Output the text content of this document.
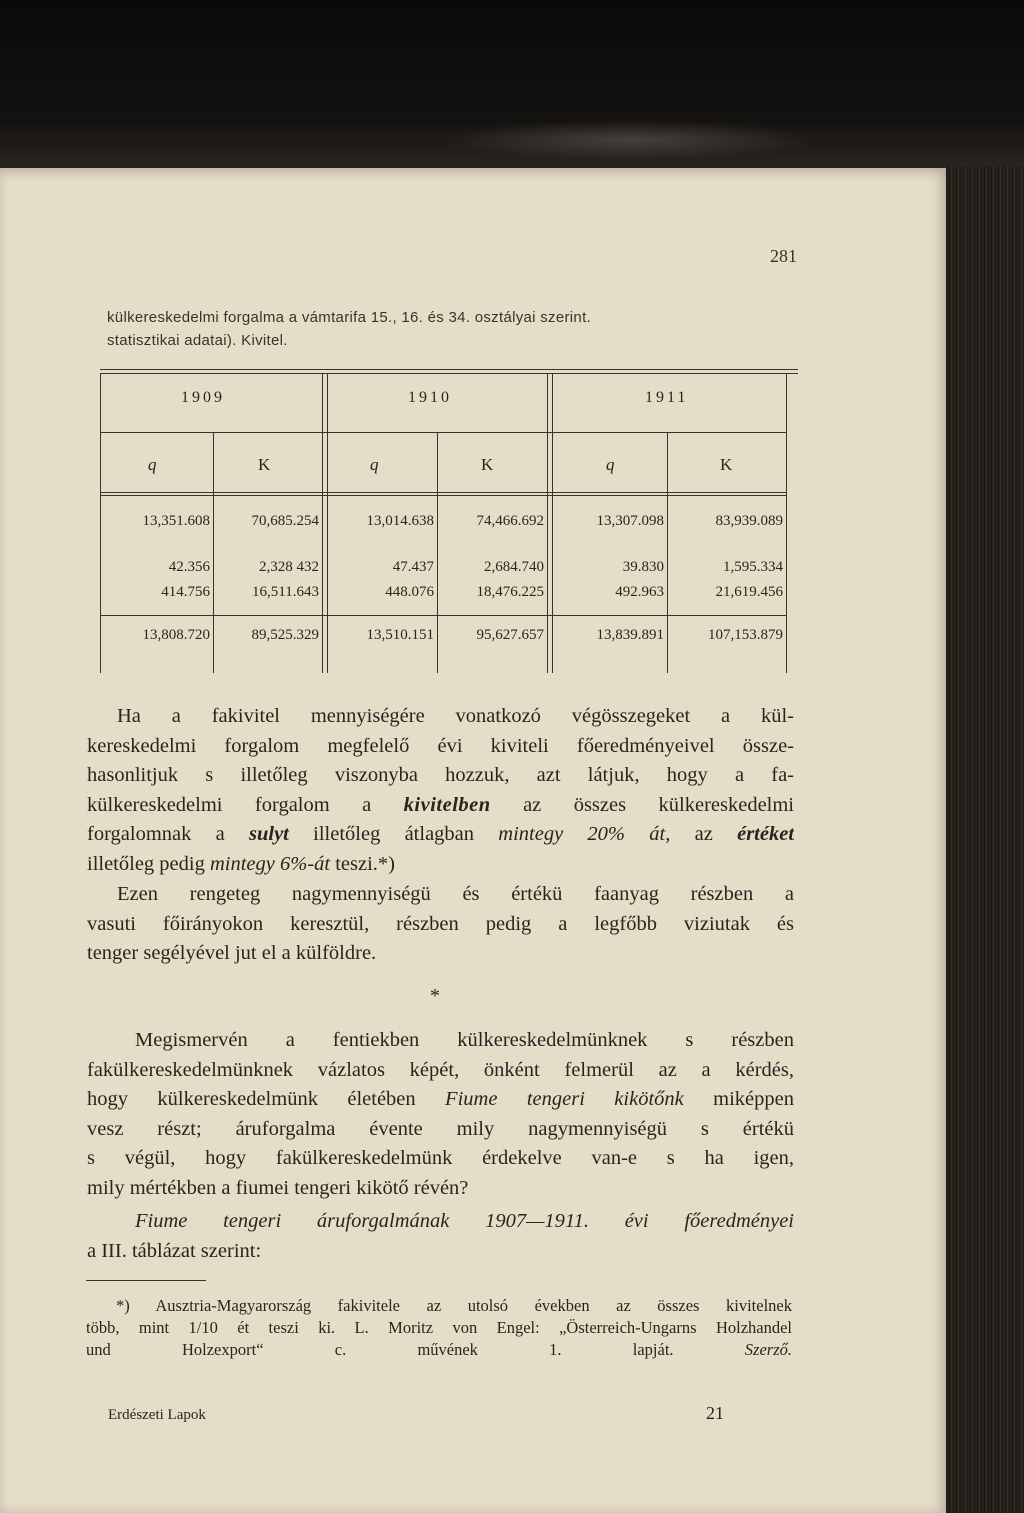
281
külkereskedelmi forgalma a vámtarifa 15., 16. és 34. osztályai szerint.
statisztikai adatai). Kivitel.
1909	1910	1911
q	K	q	K	q	K
13,351.608	70,685.254	13,014.638	74,466.692	13,307.098	83,939.089
42.356	2,328 432	47.437	2,684.740	39.830	1,595.334
414.756	16,511.643	448.076	18,476.225	492.963	21,619.456
13,808.720	89,525.329	13,510.151	95,627.657	13,839.891	107,153.879
Ha a fakivitel mennyiségére vonatkozó végösszegeket a kül-
kereskedelmi forgalom megfelelő évi kiviteli főeredményeivel össze-
hasonlitjuk s illetőleg viszonyba hozzuk, azt látjuk, hogy a fa-
külkereskedelmi forgalom a kivitelben az összes külkereskedelmi
forgalomnak a sulyt illetőleg átlagban mintegy 20% át, az értéket
illetőleg pedig mintegy 6%-át teszi.*)
Ezen rengeteg nagymennyiségü és értékü faanyag részben a
vasuti főirányokon keresztül, részben pedig a legfőbb viziutak és
tenger segélyével jut el a külföldre.
*
Megismervén a fentiekben külkereskedelmünknek s részben
fakülkereskedelmünknek vázlatos képét, önként felmerül az a kérdés,
hogy külkereskedelmünk életében Fiume tengeri kikötőnk miképpen
vesz részt; áruforgalma évente mily nagymennyiségü s értékü
s végül, hogy fakülkereskedelmünk érdekelve van-e s ha igen,
mily mértékben a fiumei tengeri kikötő révén?
Fiume tengeri áruforgalmának 1907—1911. évi főeredményei
a III. táblázat szerint:
*) Ausztria-Magyarország fakivitele az utolsó években az összes kivitelnek
több, mint 1/10 ét teszi ki. L. Moritz von Engel: „Österreich-Ungarns Holzhandel
und Holzexport“ c. művének 1. lapját.	Szerző.
Erdészeti Lapok	21
